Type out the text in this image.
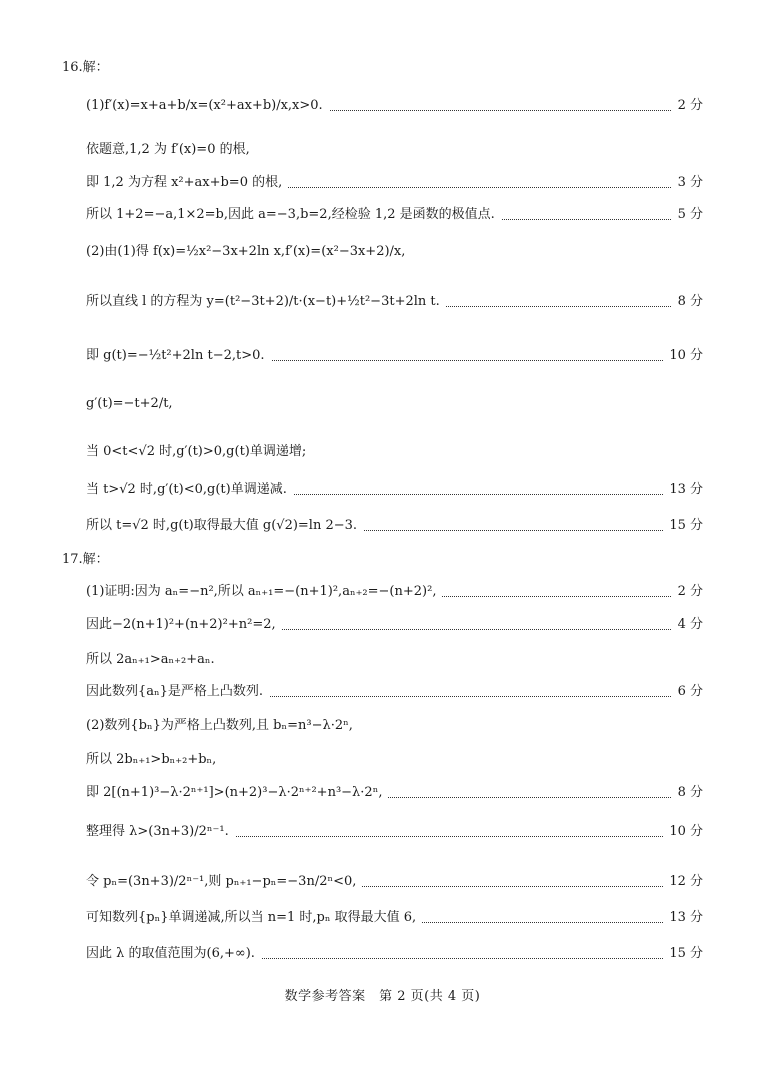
16.解：
(1)f′(x)=x+a+b/x=(x²+ax+b)/x,x>0.	2 分
依题意,1,2 为 f′(x)=0 的根,
即 1,2 为方程 x²+ax+b=0 的根,	3 分
所以 1+2=−a,1×2=b,因此 a=−3,b=2,经检验 1,2 是函数的极值点.	5 分
(2)由(1)得 f(x)=½x²−3x+2ln x,f′(x)=(x²−3x+2)/x,
所以直线 l 的方程为 y=(t²−3t+2)/t·(x−t)+½t²−3t+2ln t.	8 分
即 g(t)=−½t²+2ln t−2,t>0.	10 分
g′(t)=−t+2/t,
当 0<t<√2 时,g′(t)>0,g(t)单调递增;
当 t>√2 时,g′(t)<0,g(t)单调递减.	13 分
所以 t=√2 时,g(t)取得最大值 g(√2)=ln 2−3.	15 分
17.解：
(1)证明:因为 aₙ=−n²,所以 aₙ₊₁=−(n+1)²,aₙ₊₂=−(n+2)²,	2 分
因此−2(n+1)²+(n+2)²+n²=2,	4 分
所以 2aₙ₊₁>aₙ₊₂+aₙ.
因此数列{aₙ}是严格上凸数列.	6 分
(2)数列{bₙ}为严格上凸数列,且 bₙ=n³−λ·2ⁿ,
所以 2bₙ₊₁>bₙ₊₂+bₙ,
即 2[(n+1)³−λ·2ⁿ⁺¹]>(n+2)³−λ·2ⁿ⁺²+n³−λ·2ⁿ,	8 分
整理得 λ>(3n+3)/2ⁿ⁻¹.	10 分
令 pₙ=(3n+3)/2ⁿ⁻¹,则 pₙ₊₁−pₙ=−3n/2ⁿ<0,	12 分
可知数列{pₙ}单调递减,所以当 n=1 时,pₙ 取得最大值 6,	13 分
因此 λ 的取值范围为(6,+∞).	15 分
数学参考答案　第 2 页(共 4 页)
